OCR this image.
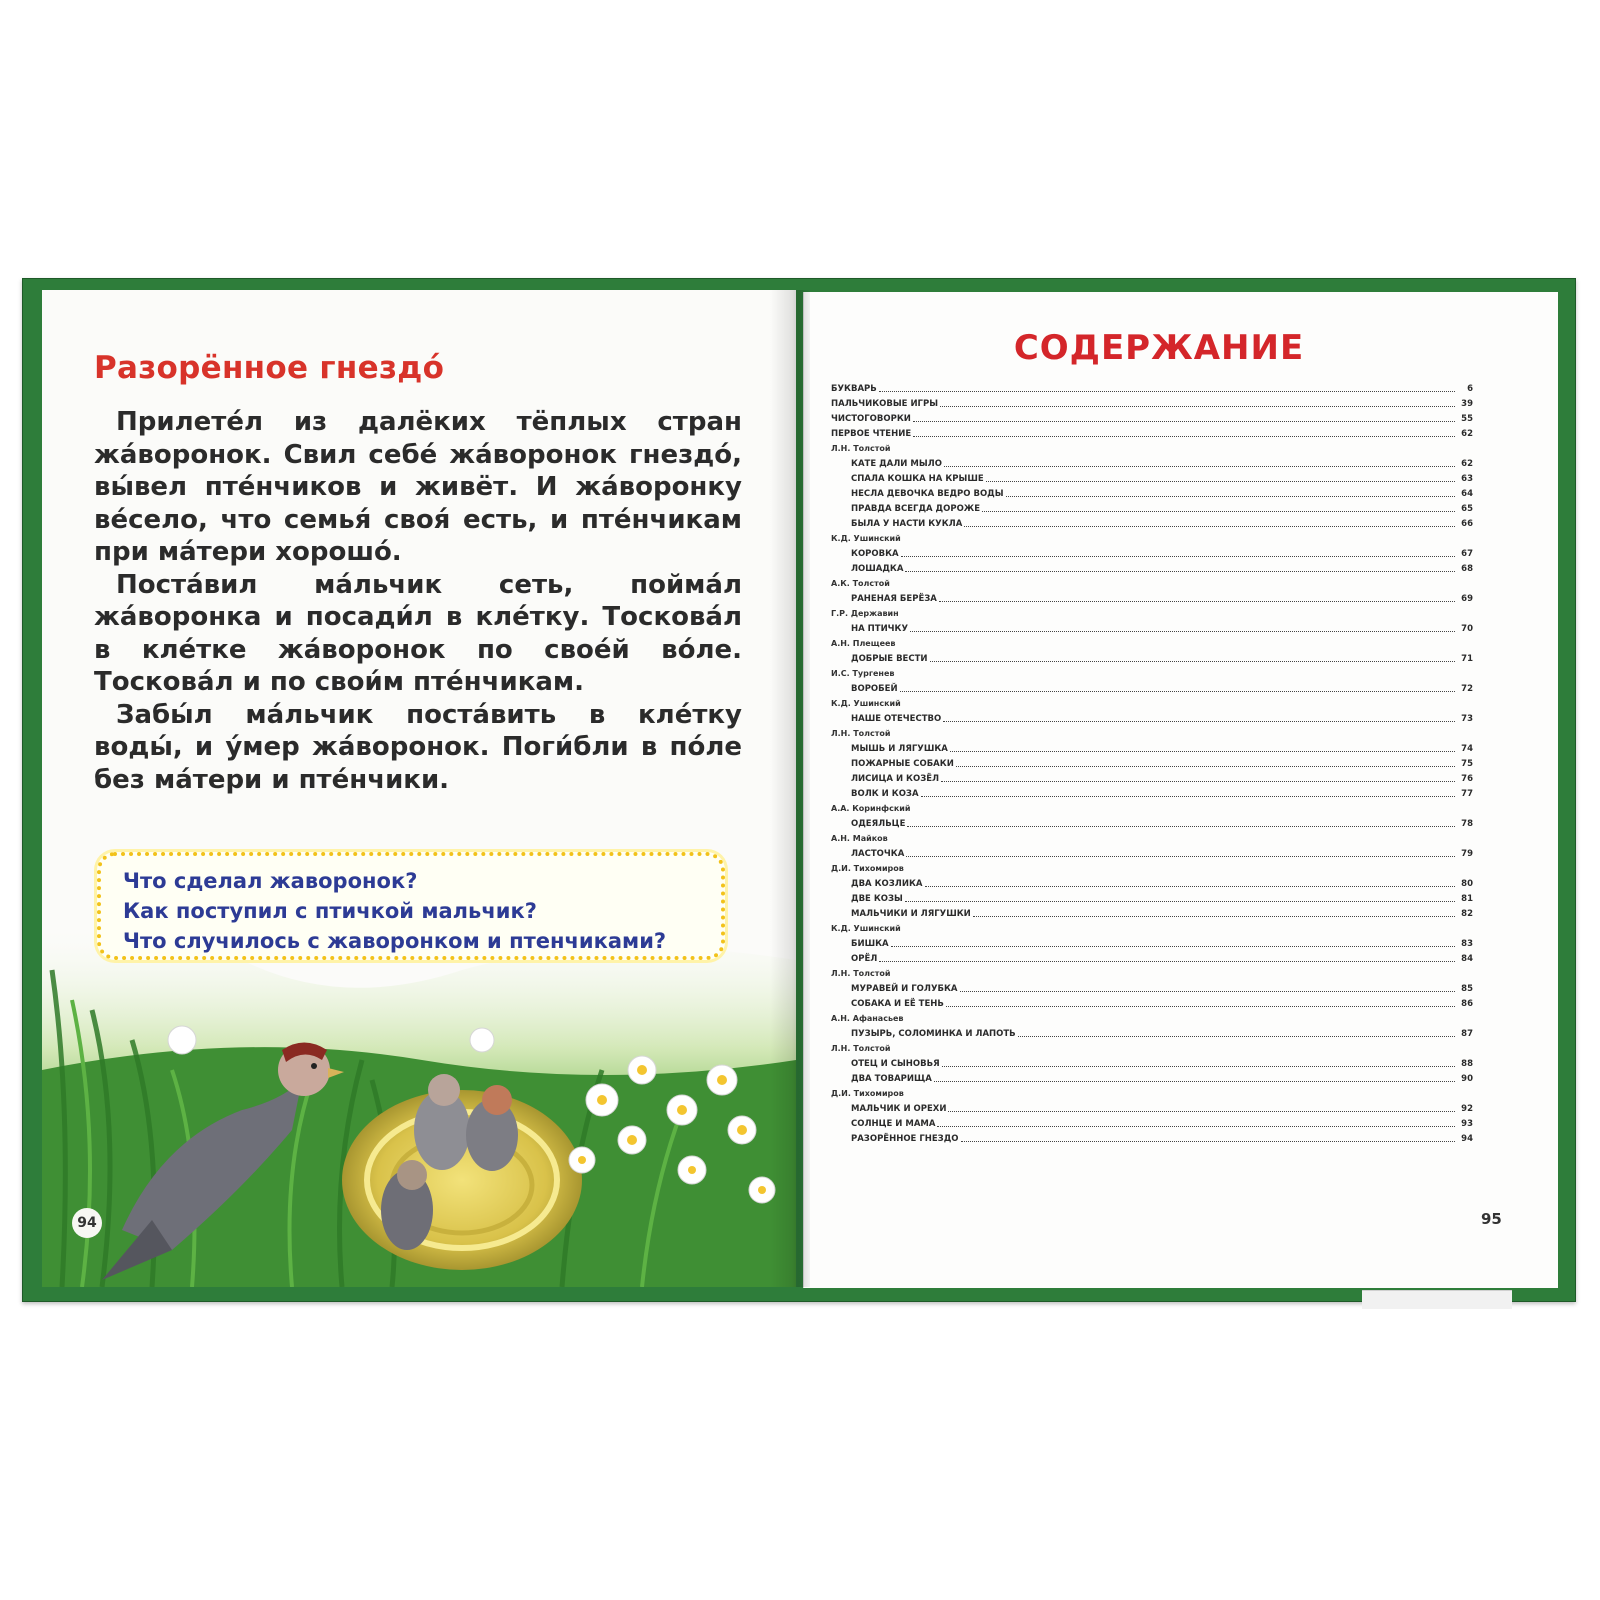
Разорённое гнездо́

Прилете́л из далёких тёплых стран жа́воронок. Свил себе́ жа́воронок гнездо́, вы́вел пте́нчиков и живёт. И жа́воронку ве́село, что семья́ своя́ есть, и пте́нчикам при ма́тери хорошо́.

Поста́вил ма́льчик сеть, пойма́л жа́воронка и посади́л в кле́тку. Тоскова́л в кле́тке жа́воронок по свое́й во́ле. Тоскова́л и по свои́м пте́нчикам.

Забы́л ма́льчик поста́вить в кле́тку воды́, и у́мер жа́воронок. Поги́бли в по́ле без ма́тери и пте́нчики.

Что сделал жаворонок?
Как поступил с птичкой мальчик?
Что случилось с жаворонком и птенчиками?
94
СОДЕРЖАНИЕ
БУКВАРЬ	6
ПАЛЬЧИКОВЫЕ ИГРЫ	39
ЧИСТОГОВОРКИ	55
ПЕРВОЕ ЧТЕНИЕ	62
Л.Н. Толстой
КАТЕ ДАЛИ МЫЛО	62
СПАЛА КОШКА НА КРЫШЕ	63
НЕСЛА ДЕВОЧКА ВЕДРО ВОДЫ	64
ПРАВДА ВСЕГДА ДОРОЖЕ	65
БЫЛА У НАСТИ КУКЛА	66
К.Д. Ушинский
КОРОВКА	67
ЛОШАДКА	68
А.К. Толстой
РАНЕНАЯ БЕРЁЗА	69
Г.Р. Державин
НА ПТИЧКУ	70
А.Н. Плещеев
ДОБРЫЕ ВЕСТИ	71
И.С. Тургенев
ВОРОБЕЙ	72
К.Д. Ушинский
НАШЕ ОТЕЧЕСТВО	73
Л.Н. Толстой
МЫШЬ И ЛЯГУШКА	74
ПОЖАРНЫЕ СОБАКИ	75
ЛИСИЦА И КОЗЁЛ	76
ВОЛК И КОЗА	77
А.А. Коринфский
ОДЕЯЛЬЦЕ	78
А.Н. Майков
ЛАСТОЧКА	79
Д.И. Тихомиров
ДВА КОЗЛИКА	80
ДВЕ КОЗЫ	81
МАЛЬЧИКИ И ЛЯГУШКИ	82
К.Д. Ушинский
БИШКА	83
ОРЁЛ	84
Л.Н. Толстой
МУРАВЕЙ И ГОЛУБКА	85
СОБАКА И ЕЁ ТЕНЬ	86
А.Н. Афанасьев
ПУЗЫРЬ, СОЛОМИНКА И ЛАПОТЬ	87
Л.Н. Толстой
ОТЕЦ И СЫНОВЬЯ	88
ДВА ТОВАРИЩА	90
Д.И. Тихомиров
МАЛЬЧИК И ОРЕХИ	92
СОЛНЦЕ И МАМА	93
РАЗОРЁННОЕ ГНЕЗДО	94
95
